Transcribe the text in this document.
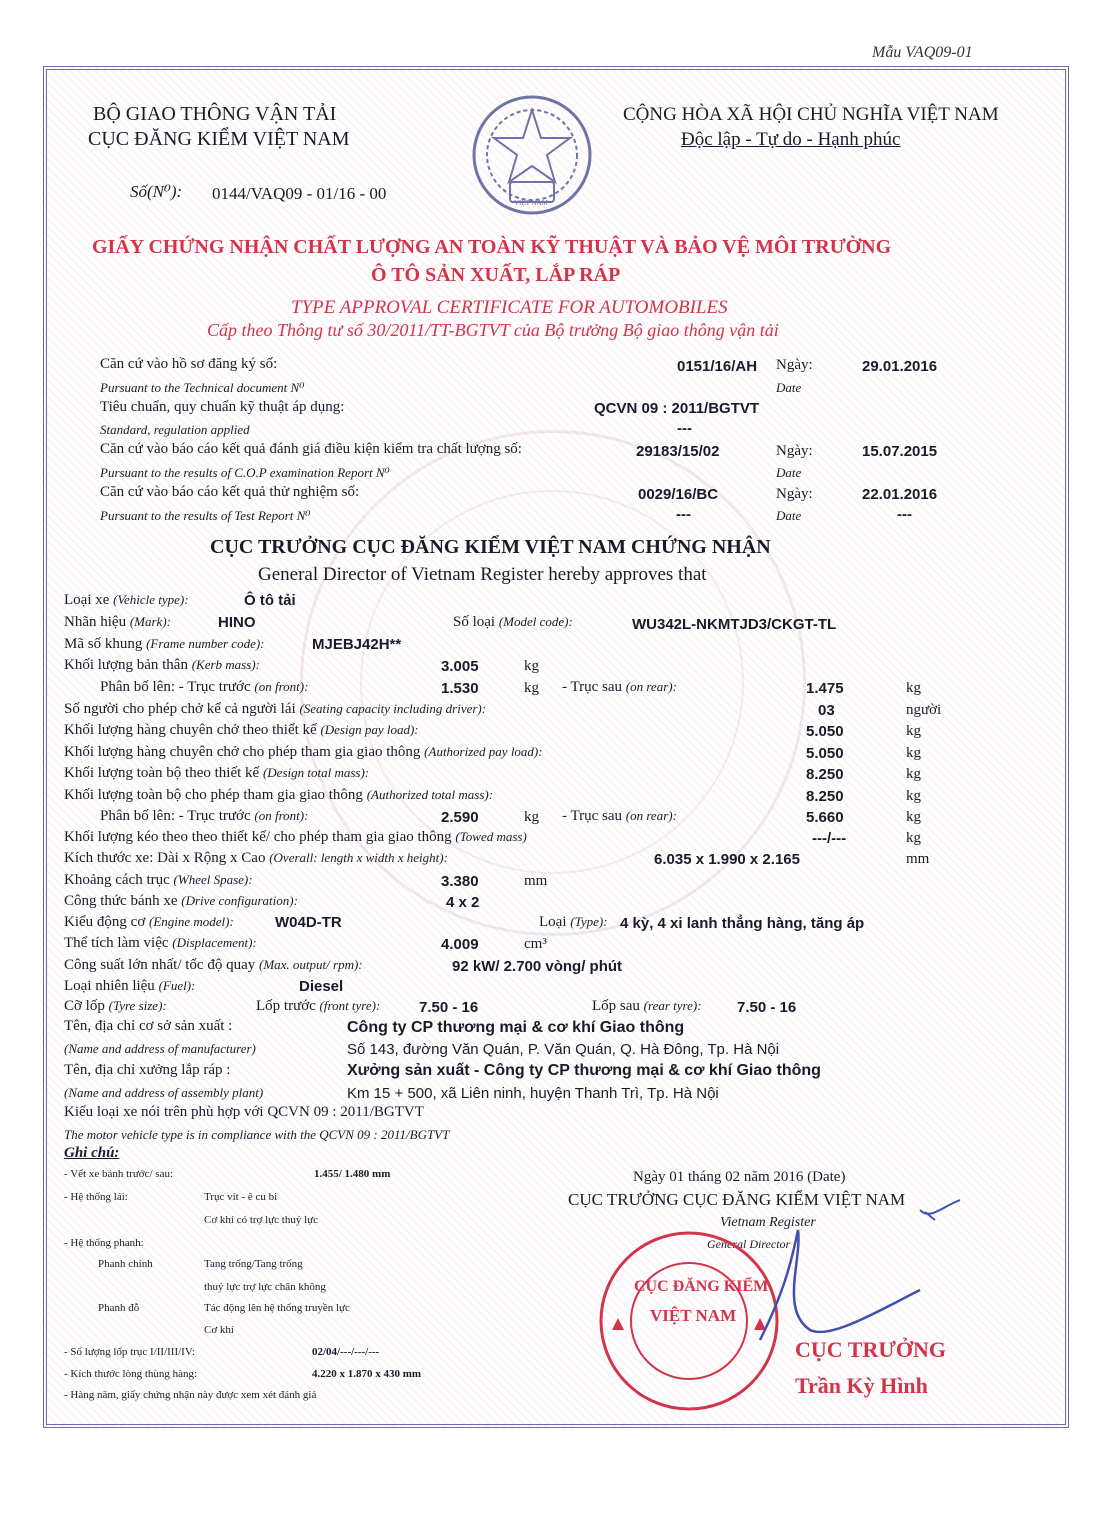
Mẫu VAQ09-01
BỘ GIAO THÔNG VẬN TẢI
CỤC ĐĂNG KIỂM VIỆT NAM
CỘNG HÒA XÃ HỘI CHỦ NGHĨA VIỆT NAM
Độc lập - Tự do - Hạnh phúc
VIỆT NAM
Số(N⁰): 0144/VAQ09 - 01/16 - 00
GIẤY CHỨNG NHẬN CHẤT LƯỢNG AN TOÀN KỸ THUẬT VÀ BẢO VỆ MÔI TRƯỜNG
Ô TÔ SẢN XUẤT, LẮP RÁP
TYPE APPROVAL CERTIFICATE FOR AUTOMOBILES
Cấp theo Thông tư số 30/2011/TT-BGTVT của Bộ trưởng Bộ giao thông vận tải
Căn cứ vào hồ sơ đăng ký số:
Pursuant to the Technical document N⁰
0151/16/AH Ngày:
Date
29.01.2016
Tiêu chuẩn, quy chuẩn kỹ thuật áp dụng:
Standard, regulation applied
QCVN 09 : 2011/BGTVT
---
Căn cứ vào báo cáo kết quả đánh giá điều kiện kiểm tra chất lượng số:
Pursuant to the results of C.O.P examination Report N⁰
29183/15/02	Ngày:
Date
15.07.2015
Căn cứ vào báo cáo kết quả thử nghiệm số:
Pursuant to the results of Test Report N⁰
0029/16/BC
---
Ngày:
Date
22.01.2016
---
CỤC TRƯỞNG CỤC ĐĂNG KIỂM VIỆT NAM CHỨNG NHẬN
General Director of Vietnam Register hereby approves that
Loại xe (Vehicle type):	Ô tô tải
Nhãn hiệu (Mark):	HINO	Số loại (Model code):	WU342L-NKMTJD3/CKGT-TL
Mã số khung (Frame number code):	MJEBJ42H**
Khối lượng bản thân (Kerb mass):	3.005	kg
Phân bố lên: - Trục trước (on front):	1.530	kg - Trục sau (on rear):	1.475	kg
Số người cho phép chở kể cả người lái (Seating capacity including driver):	03	người
Khối lượng hàng chuyên chở theo thiết kế (Design pay load):	5.050	kg
Khối lượng hàng chuyên chở cho phép tham gia giao thông (Authorized pay load):	5.050	kg
Khối lượng toàn bộ theo thiết kế (Design total mass):	8.250	kg
Khối lượng toàn bộ cho phép tham gia giao thông (Authorized total mass):	8.250	kg
Phân bố lên: - Trục trước (on front):	2.590	kg - Trục sau (on rear):	5.660	kg
Khối lượng kéo theo theo thiết kế/ cho phép tham gia giao thông (Towed mass)	---/---	kg
Kích thước xe: Dài x Rộng x Cao (Overall: length x width x height):	6.035 x 1.990 x 2.165	mm
Khoảng cách trục (Wheel Spase):	3.380	mm
Công thức bánh xe (Drive configuration):	4 x 2
Kiểu động cơ (Engine model):	W04D-TR	Loại (Type): 4 kỳ, 4 xi lanh thẳng hàng, tăng áp
Thể tích làm việc (Displacement):	4.009	cm³
Công suất lớn nhất/ tốc độ quay (Max. output/ rpm):	92 kW/ 2.700 vòng/ phút
Loại nhiên liệu (Fuel):	Diesel
Cỡ lốp (Tyre size):	Lốp trước (front tyre):	7.50 - 16	Lốp sau (rear tyre): 7.50 - 16
Tên, địa chỉ cơ sở sản xuất :
(Name and address of manufacturer)
Công ty CP thương mại & cơ khí Giao thông
Số 143, đường Văn Quán, P. Văn Quán, Q. Hà Đông, Tp. Hà Nội
Tên, địa chỉ xưởng lắp ráp :
(Name and address of assembly plant)
Xưởng sản xuất - Công ty CP thương mại & cơ khí Giao thông
Km 15 + 500, xã Liên ninh, huyện Thanh Trì, Tp. Hà Nội
Kiểu loại xe nói trên phù hợp với QCVN 09 : 2011/BGTVT
The motor vehicle type is in compliance with the QCVN 09 : 2011/BGTVT
Ghi chú:
- Vết xe bánh trước/ sau:	1.455/ 1.480 mm
- Hệ thống lái:	Trục vít - ê cu bi
Cơ khí có trợ lực thuỷ lực
- Hệ thống phanh:
Phanh chính	Tang trống/Tang trống
thuỷ lực trợ lực chân không
Phanh đỗ	Tác động lên hệ thống truyền lực
Cơ khí
- Số lượng lốp trục I/II/III/IV:	02/04/---/---/---
- Kích thước lòng thùng hàng:	4.220 x 1.870 x 430 mm
- Hàng năm, giấy chứng nhận này được xem xét đánh giá
Ngày 01 tháng 02 năm 2016 (Date)
CỤC TRƯỞNG CỤC ĐĂNG KIỂM VIỆT NAM
Vietnam Register
General Director
CỤC ĐĂNG KIỂM
VIỆT NAM
CỤC TRƯỞNG
Trần Kỳ Hình
